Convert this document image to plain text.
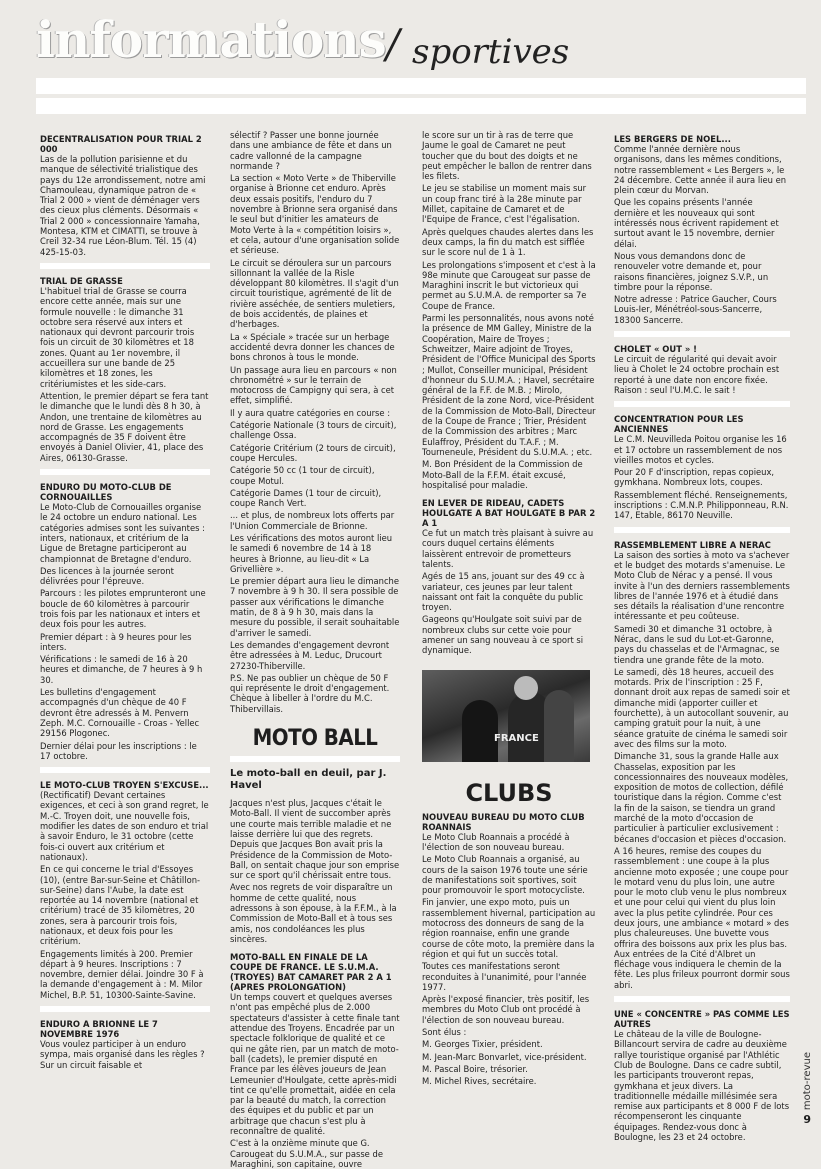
informations / sportives
DECENTRALISATION POUR TRIAL 2 000

Las de la pollution parisienne et du manque de sélectivité trialistique des pays du 12e arrondissement, notre ami Chamouleau, dynamique patron de « Trial 2 000 » vient de déménager vers des cieux plus cléments. Désormais « Trial 2 000 » concessionnaire Yamaha, Montesa, KTM et CIMATTI, se trouve à Creil 32-34 rue Léon-Blum. Tél. 15 (4) 425-15-03.

TRIAL DE GRASSE

L'habituel trial de Grasse se courra encore cette année, mais sur une formule nouvelle : le dimanche 31 octobre sera réservé aux inters et nationaux qui devront parcourir trois fois un circuit de 30 kilomètres et 18 zones. Quant au 1er novembre, il accueillera sur une bande de 25 kilomètres et 18 zones, les critériumistes et les side-cars.

Attention, le premier départ se fera tant le dimanche que le lundi dès 8 h 30, à Andon, une trentaine de kilomètres au nord de Grasse. Les engagements accompagnés de 35 F doivent être envoyés à Daniel Olivier, 41, place des Aires, 06130-Grasse.

ENDURO DU MOTO-CLUB DE CORNOUAILLES

Le Moto-Club de Cornouailles organise le 24 octobre un enduro national. Les catégories admises sont les suivantes : inters, nationaux, et critérium de la Ligue de Bretagne participeront au championnat de Bretagne d'enduro.

Des licences à la journée seront délivrées pour l'épreuve.

Parcours : les pilotes emprunteront une boucle de 60 kilomètres à parcourir trois fois par les nationaux et inters et deux fois pour les autres.

Premier départ : à 9 heures pour les inters.

Vérifications : le samedi de 16 à 20 heures et dimanche, de 7 heures à 9 h 30.

Les bulletins d'engagement accompagnés d'un chèque de 40 F devront être adressés à M. Penvern Zeph. M.C. Cornouaille - Croas - Yellec 29156 Plogonec.

Dernier délai pour les inscriptions : le 17 octobre.

LE MOTO-CLUB TROYEN S'EXCUSE...

(Rectificatif) Devant certaines exigences, et ceci à son grand regret, le M.-C. Troyen doit, une nouvelle fois, modifier les dates de son enduro et trial à savoir Enduro, le 31 octobre (cette fois-ci ouvert aux critérium et nationaux).

En ce qui concerne le trial d'Essoyes (10), (entre Bar-sur-Seine et Châtillon-sur-Seine) dans l'Aube, la date est reportée au 14 novembre (national et critérium) tracé de 35 kilomètres, 20 zones, sera à parcourir trois fois, nationaux, et deux fois pour les critérium.

Engagements limités à 200. Premier départ à 9 heures. Inscriptions : 7 novembre, dernier délai. Joindre 30 F à la demande d'engagement à : M. Milor Michel, B.P. 51, 10300-Sainte-Savine.

ENDURO A BRIONNE LE 7 NOVEMBRE 1976

Vous voulez participer à un enduro sympa, mais organisé dans les règles ? Sur un circuit faisable et

sélectif ? Passer une bonne journée dans une ambiance de fête et dans un cadre vallonné de la campagne normande ?

La section « Moto Verte » de Thiberville organise à Brionne cet enduro. Après deux essais positifs, l'enduro du 7 novembre à Brionne sera organisé dans le seul but d'initier les amateurs de Moto Verte à la « compétition loisirs », et cela, autour d'une organisation solide et sérieuse.

Le circuit se déroulera sur un parcours sillonnant la vallée de la Risle développant 80 kilomètres. Il s'agit d'un circuit touristique, agrémenté de lit de rivière asséchée, de sentiers muletiers, de bois accidentés, de plaines et d'herbages.

La « Spéciale » tracée sur un herbage accidenté devra donner les chances de bons chronos à tous le monde.

Un passage aura lieu en parcours « non chronométré » sur le terrain de motocross de Campigny qui sera, à cet effet, simplifié.

Il y aura quatre catégories en course :

Catégorie Nationale (3 tours de circuit), challenge Ossa.

Catégorie Critérium (2 tours de circuit), coupe Hercules.

Catégorie 50 cc (1 tour de circuit), coupe Motul.

Catégorie Dames (1 tour de circuit), coupe Ranch Vert.

... et plus, de nombreux lots offerts par l'Union Commerciale de Brionne.

Les vérifications des motos auront lieu le samedi 6 novembre de 14 à 18 heures à Brionne, au lieu-dit « La Grivellière ».

Le premier départ aura lieu le dimanche 7 novembre à 9 h 30. Il sera possible de passer aux vérifications le dimanche matin, de 8 à 9 h 30, mais dans la mesure du possible, il serait souhaitable d'arriver le samedi.

Les demandes d'engagement devront être adressées à M. Leduc, Drucourt 27230-Thiberville.

P.S. Ne pas oublier un chèque de 50 F qui représente le droit d'engagement. Chèque à libeller à l'ordre du M.C. Thibervillais.

MOTO BALL
Le moto-ball en deuil, par J. Havel

Jacques n'est plus, Jacques c'était le Moto-Ball. Il vient de succomber après une courte mais terrible maladie et ne laisse derrière lui que des regrets. Depuis que Jacques Bon avait pris la Présidence de la Commission de Moto-Ball, on sentait chaque jour son emprise sur ce sport qu'il chérissait entre tous.

Avec nos regrets de voir disparaître un homme de cette qualité, nous adressons à son épouse, à la F.F.M., à la Commission de Moto-Ball et à tous ses amis, nos condoléances les plus sincères.

MOTO-BALL EN FINALE DE LA COUPE DE FRANCE. LE S.U.M.A. (TROYES) BAT CAMARET PAR 2 A 1 (APRES PROLONGATION)

Un temps couvert et quelques averses n'ont pas empêché plus de 2.000 spectateurs d'assister à cette finale tant attendue des Troyens. Encadrée par un spectacle folklorique de qualité et ce qui ne gâte rien, par un match de moto-ball (cadets), le premier disputé en France par les élèves joueurs de Jean Lemeunier d'Houlgate, cette après-midi tint ce qu'elle promettait, aidée en cela par la beauté du match, la correction des équipes et du public et par un arbitrage que chacun s'est plu à reconnaître de qualité.

C'est à la onzième minute que G. Carougeat du S.U.M.A., sur passe de Maraghini, son capitaine, ouvre

le score sur un tir à ras de terre que Jaume le goal de Camaret ne peut toucher que du bout des doigts et ne peut empêcher le ballon de rentrer dans les filets.

Le jeu se stabilise un moment mais sur un coup franc tiré à la 28e minute par Millet, capitaine de Camaret et de l'Equipe de France, c'est l'égalisation.

Après quelques chaudes alertes dans les deux camps, la fin du match est sifflée sur le score nul de 1 à 1.

Les prolongations s'imposent et c'est à la 98e minute que Carougeat sur passe de Maraghini inscrit le but victorieux qui permet au S.U.M.A. de remporter sa 7e Coupe de France.

Parmi les personnalités, nous avons noté la présence de MM Galley, Ministre de la Coopération, Maire de Troyes ; Schweitzer, Maire adjoint de Troyes, Président de l'Office Municipal des Sports ; Mullot, Conseiller municipal, Président d'honneur du S.U.M.A. ; Havel, secrétaire général de la F.F. de M.B. ; Mirolo, Président de la zone Nord, vice-Président de la Commission de Moto-Ball, Directeur de la Coupe de France ; Trier, Président de la Commission des arbitres ; Marc Eulaffroy, Président du T.A.F. ; M. Tourneneule, Président du S.U.M.A. ; etc.

M. Bon Président de la Commission de Moto-Ball de la F.F.M. était excusé, hospitalisé pour maladie.

EN LEVER DE RIDEAU, CADETS HOULGATE A BAT HOULGATE B PAR 2 A 1

Ce fut un match très plaisant à suivre au cours duquel certains éléments laissèrent entrevoir de prometteurs talents.

Agés de 15 ans, jouant sur des 49 cc à variateur, ces jeunes par leur talent naissant ont fait la conquête du public troyen.

Gageons qu'Houlgate soit suivi par de nombreux clubs sur cette voie pour amener un sang nouveau à ce sport si dynamique.

FRANCE
CLUBS
NOUVEAU BUREAU DU MOTO CLUB ROANNAIS

Le Moto Club Roannais a procédé à l'élection de son nouveau bureau.

Le Moto Club Roannais a organisé, au cours de la saison 1976 toute une série de manifestations soit sportives, soit pour promouvoir le sport motocycliste.

Fin janvier, une expo moto, puis un rassemblement hivernal, participation au motocross des donneurs de sang de la région roannaise, enfin une grande course de côte moto, la première dans la région et qui fut un succès total.

Toutes ces manifestations seront reconduites à l'unanimité, pour l'année 1977.

Après l'exposé financier, très positif, les membres du Moto Club ont procédé à l'élection de son nouveau bureau.

Sont élus :

M. Georges Tixier, président.

M. Jean-Marc Bonvarlet, vice-président.

M. Pascal Boire, trésorier.

M. Michel Rives, secrétaire.

LES BERGERS DE NOEL...

Comme l'année dernière nous organisons, dans les mêmes conditions, notre rassemblement « Les Bergers », le 24 décembre. Cette année il aura lieu en plein cœur du Morvan.

Que les copains présents l'année dernière et les nouveaux qui sont intéressés nous écrivent rapidement et surtout avant le 15 novembre, dernier délai.

Nous vous demandons donc de renouveler votre demande et, pour raisons financières, joignez S.V.P., un timbre pour la réponse.

Notre adresse : Patrice Gaucher, Cours Louis-Ier, Ménétréol-sous-Sancerre, 18300 Sancerre.

CHOLET « OUT » !

Le circuit de régularité qui devait avoir lieu à Cholet le 24 octobre prochain est reporté à une date non encore fixée. Raison : seul l'U.M.C. le sait !

CONCENTRATION POUR LES ANCIENNES

Le C.M. Neuvilleda Poitou organise les 16 et 17 octobre un rassemblement de nos vieilles motos et cycles.

Pour 20 F d'inscription, repas copieux, gymkhana. Nombreux lots, coupes.

Rassemblement fléché. Renseignements, inscriptions : C.M.N.P. Philipponneau, R.N. 147, Etable, 86170 Neuville.

RASSEMBLEMENT LIBRE A NERAC

La saison des sorties à moto va s'achever et le budget des motards s'amenuise. Le Moto Club de Nérac y a pensé. Il vous invite à l'un des derniers rassemblements libres de l'année 1976 et à étudié dans ses détails la réalisation d'une rencontre intéressante et peu coûteuse.

Samedi 30 et dimanche 31 octobre, à Nérac, dans le sud du Lot-et-Garonne, pays du chasselas et de l'Armagnac, se tiendra une grande fête de la moto.

Le samedi, dès 18 heures, accueil des motards. Prix de l'inscription : 25 F, donnant droit aux repas de samedi soir et dimanche midi (apporter cuiller et fourchette), à un autocollant souvenir, au camping gratuit pour la nuit, à une séance gratuite de cinéma le samedi soir avec des films sur la moto.

Dimanche 31, sous la grande Halle aux Chasselas, exposition par les concessionnaires des nouveaux modèles, exposition de motos de collection, défilé touristique dans la région. Comme c'est la fin de la saison, se tiendra un grand marché de la moto d'occasion de particulier à particulier exclusivement : bécanes d'occasion et pièces d'occasion.

A 16 heures, remise des coupes du rassemblement : une coupe à la plus ancienne moto exposée ; une coupe pour le motard venu du plus loin, une autre pour le moto club venu le plus nombreux et une pour celui qui vient du plus loin avec la plus petite cylindrée. Pour ces deux jours, une ambiance « motard » des plus chaleureuses. Une buvette vous offrira des boissons aux prix les plus bas. Aux entrées de la Cité d'Albret un fléchage vous indiquera le chemin de la fête. Les plus frileux pourront dormir sous abri.

UNE « CONCENTRE » PAS COMME LES AUTRES

Le château de la ville de Boulogne-Billancourt servira de cadre au deuxième rallye touristique organisé par l'Athlétic Club de Boulogne. Dans ce cadre subtil, les participants trouveront repas, gymkhana et jeux divers. La traditionnelle médaille millésimée sera remise aux participants et 8 000 F de lots récompenseront les cinquante équipages. Rendez-vous donc à Boulogne, les 23 et 24 octobre.

moto-revue
9
